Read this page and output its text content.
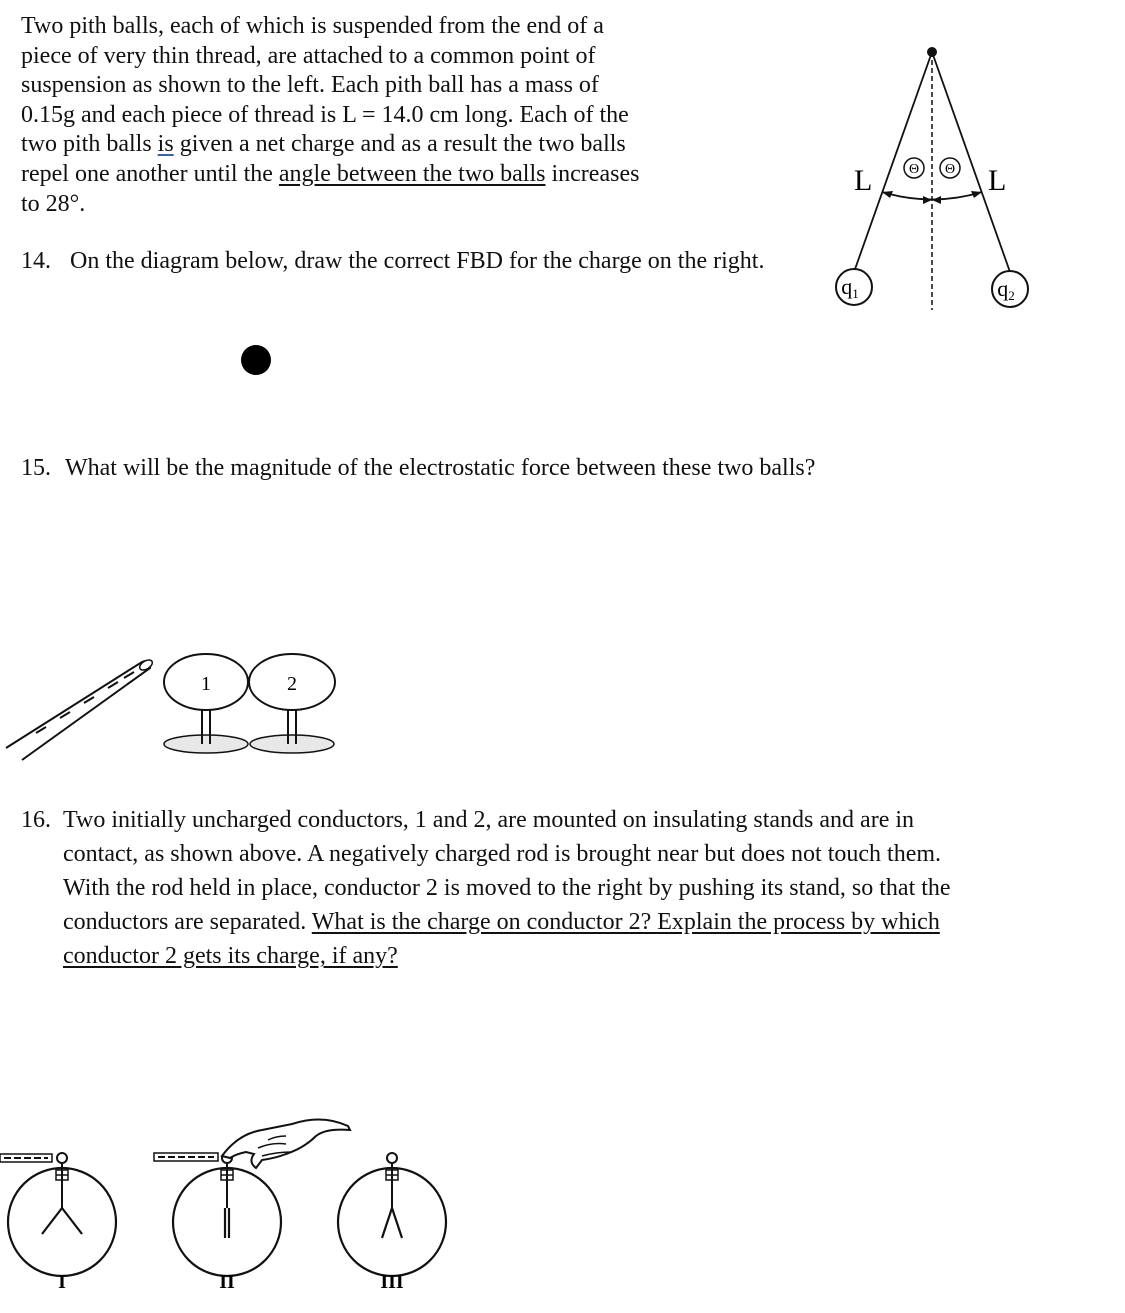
Two pith balls, each of which is suspended from the end of a
piece of very thin thread, are attached to a common point of
suspension as shown to the left. Each pith ball has a mass of
0.15g and each piece of thread is L = 14.0 cm long. Each of the
two pith balls is given a net charge and as a result the two balls
repel one another until the angle between the two balls increases
to 28°.
Θ Θ
L	L
q1	q2
14. On the diagram below, draw the correct FBD for the charge on the right.
15. What will be the magnitude of the electrostatic force between these two balls?
1	2
16. Two initially uncharged conductors, 1 and 2, are mounted on insulating stands and are in
contact, as shown above. A negatively charged rod is brought near but does not touch them.
With the rod held in place, conductor 2 is moved to the right by pushing its stand, so that the
conductors are separated. What is the charge on conductor 2? Explain the process by which
conductor 2 gets its charge, if any?
I	II	III
